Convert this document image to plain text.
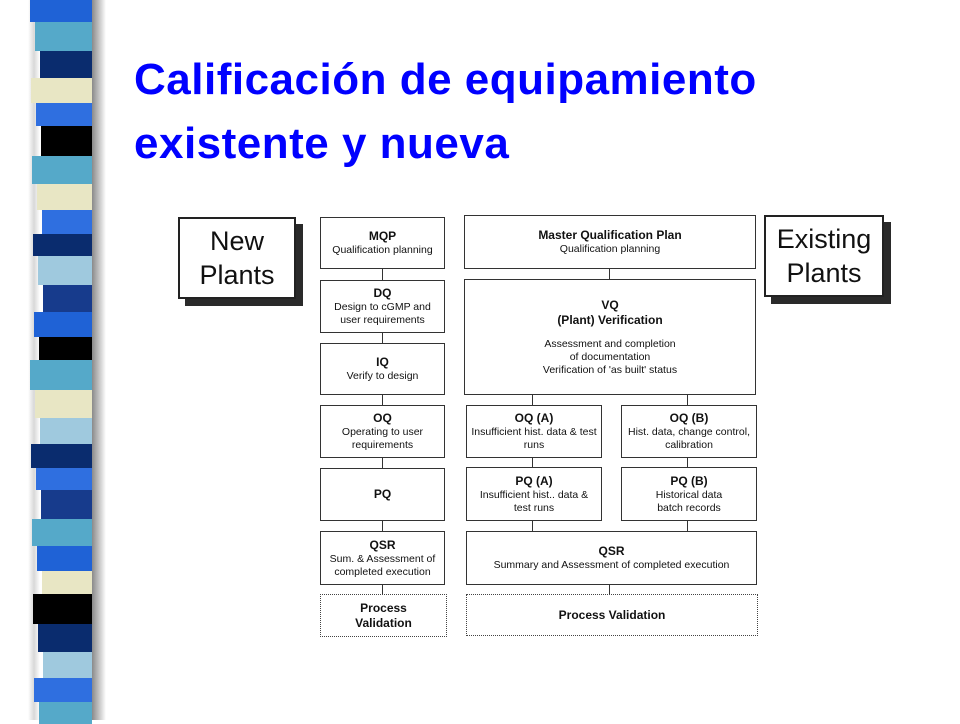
Calificación de equipamiento
existente y nueva
New
Plants
Existing
Plants
MQP
Qualification planning
DQ
Design to cGMP and
user requirements
IQ
Verify to design
OQ
Operating to user
requirements
PQ
QSR
Sum. & Assessment of
completed execution
Process
Validation
Master Qualification Plan
Qualification planning
VQ
(Plant) Verification
Assessment and completion
of documentation
Verification of 'as built' status
OQ (A)
Insufficient hist. data & test
runs
OQ (B)
Hist. data, change control,
calibration
PQ (A)
Insufficient hist.. data &
test runs
PQ (B)
Historical data
batch records
QSR
Summary and Assessment of completed execution
Process Validation
